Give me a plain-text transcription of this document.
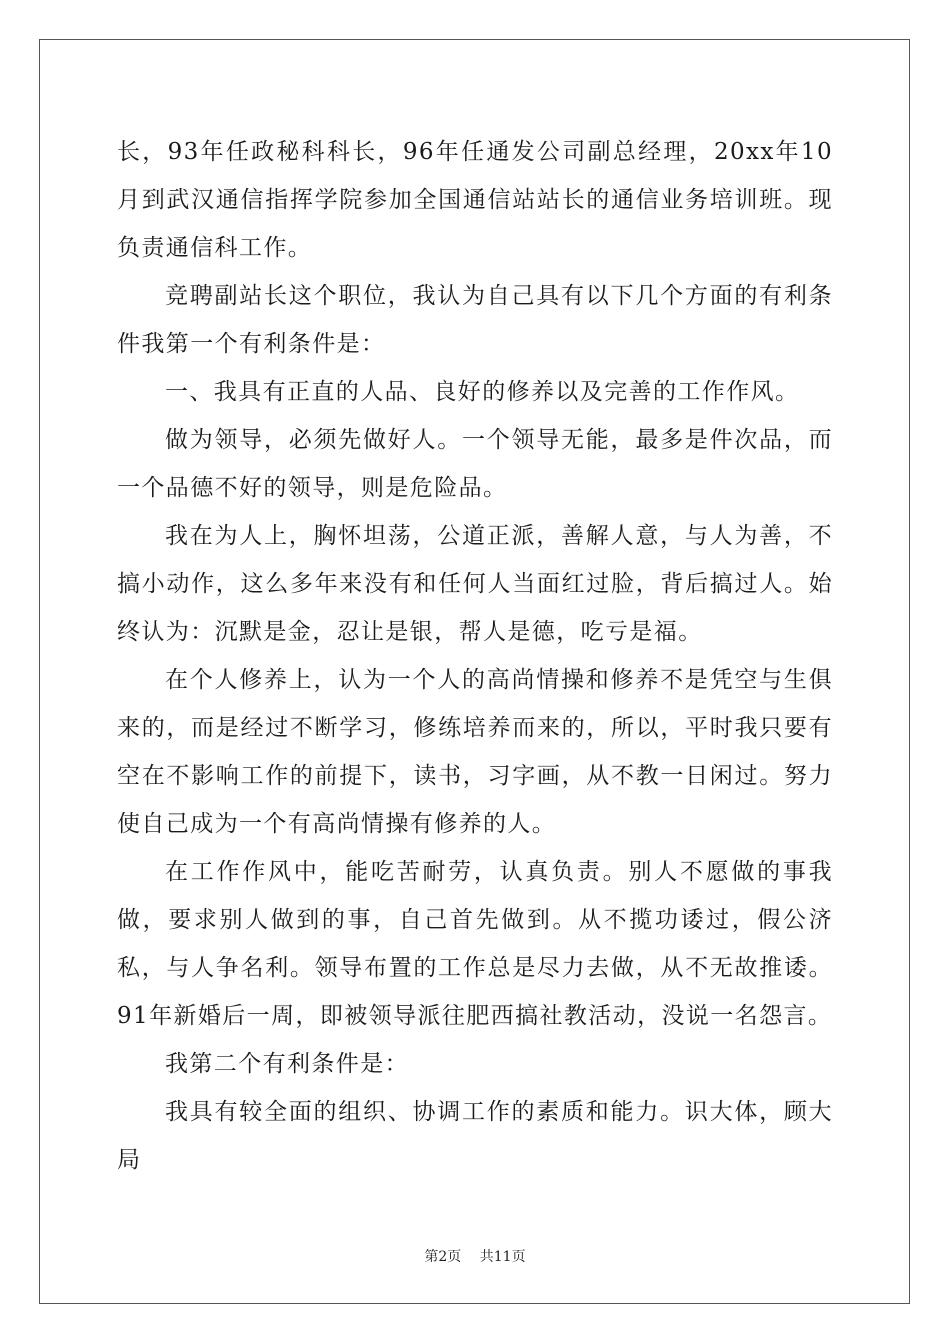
长，93年任政秘科科长，96年任通发公司副总经理，20xx年10月到武汉通信指挥学院参加全国通信站站长的通信业务培训班。现负责通信科工作。

竞聘副站长这个职位，我认为自己具有以下几个方面的有利条件我第一个有利条件是：

一、我具有正直的人品、良好的修养以及完善的工作作风。

做为领导，必须先做好人。一个领导无能，最多是件次品，而一个品德不好的领导，则是危险品。

我在为人上，胸怀坦荡，公道正派，善解人意，与人为善，不搞小动作，这么多年来没有和任何人当面红过脸，背后搞过人。始终认为：沉默是金，忍让是银，帮人是德，吃亏是福。

在个人修养上，认为一个人的高尚情操和修养不是凭空与生俱来的，而是经过不断学习，修练培养而来的，所以，平时我只要有空在不影响工作的前提下，读书，习字画，从不教一日闲过。努力使自己成为一个有高尚情操有修养的人。

在工作作风中，能吃苦耐劳，认真负责。别人不愿做的事我做，要求别人做到的事，自己首先做到。从不揽功诿过，假公济私，与人争名利。领导布置的工作总是尽力去做，从不无故推诿。91年新婚后一周，即被领导派往肥西搞社教活动，没说一名怨言。

我第二个有利条件是：

我具有较全面的组织、协调工作的素质和能力。识大体，顾大局

第2页 共11页
